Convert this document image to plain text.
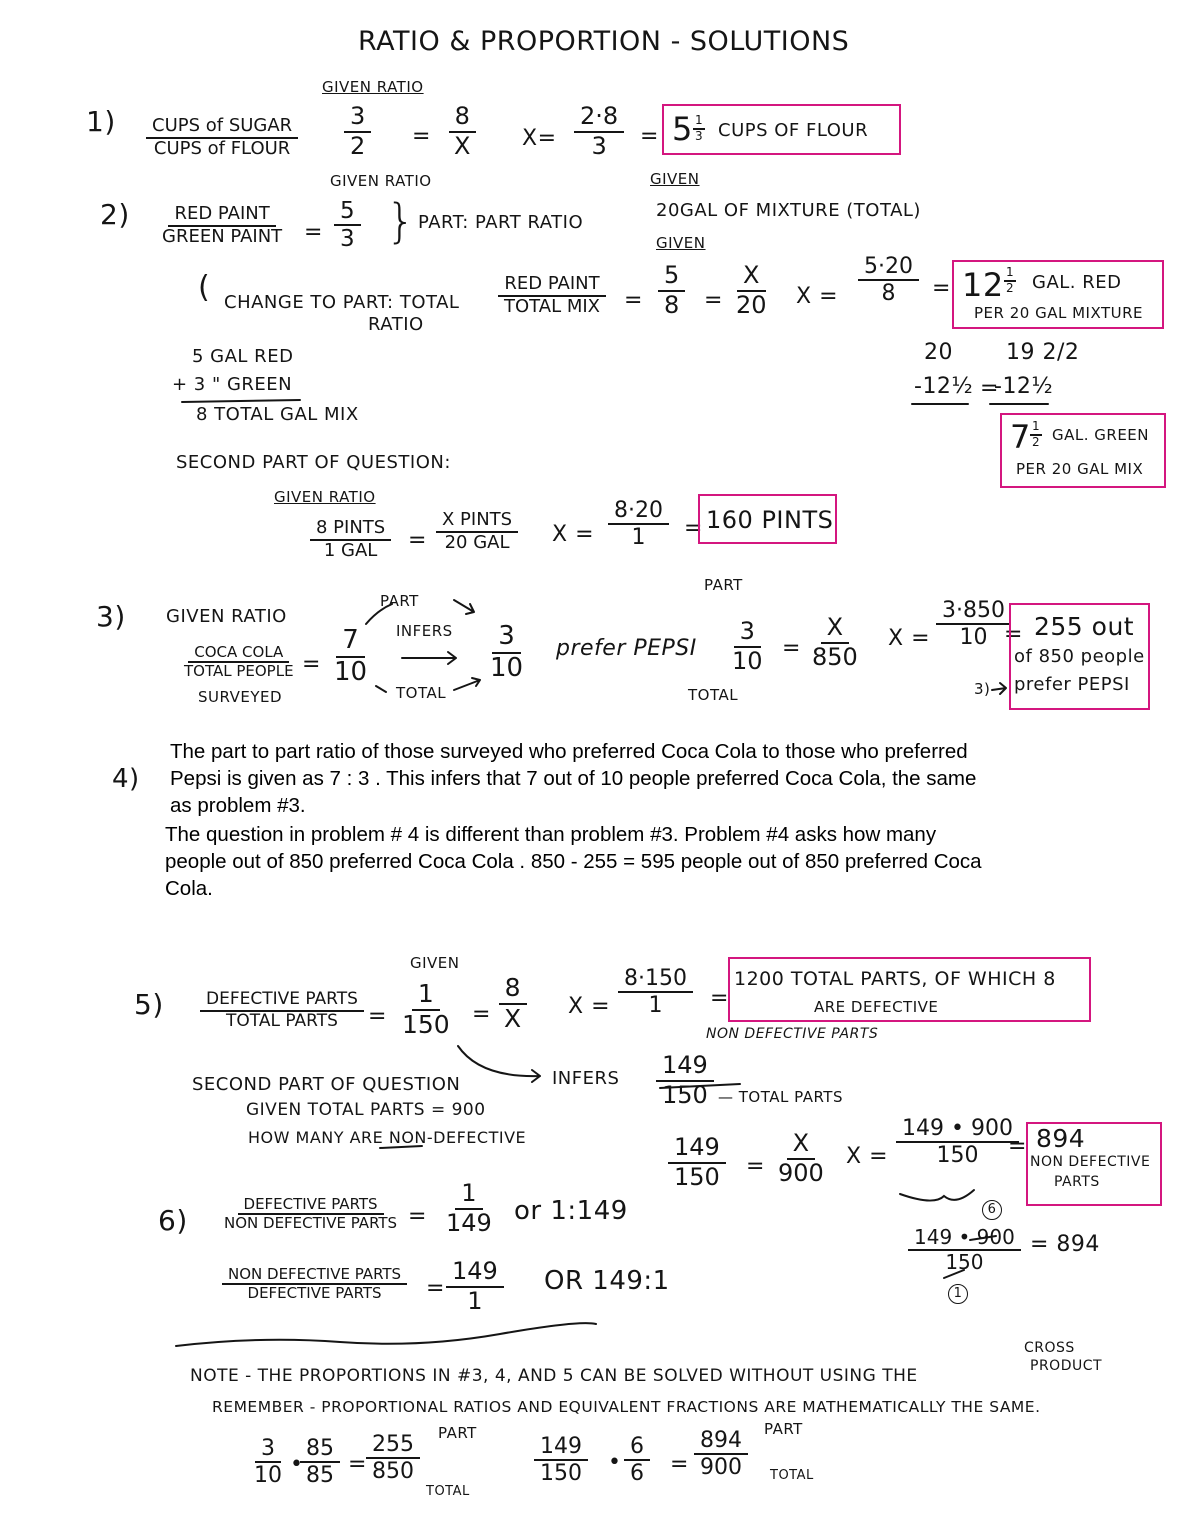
RATIO & PROPORTION - SOLUTIONS
1)	CUPS of SUGAR
CUPS of FLOUR
GIVEN RATIO
$\frac{3}{2} = \frac{8}{X} X= \frac{2\cdot 8}{3} = 5 \frac{1}{3}$ CUPS OF FLOUR
2)	RED PAINT
GREEN PAINT =
GIVEN RATIO
$\frac{5}{3}$ } PART: PART RATIO
GIVEN
20GAL OF MIXTURE (TOTAL)
GIVEN
( CHANGE TO PART: TOTAL
RATIO
RED PAINT
TOTAL MIX = $\frac{5}{8} = \frac{X}{20}$ $X = \frac{5\cdot 20}{8} = 12 \frac{1}{2}$ GAL. RED
PER 20 GAL MIXTURE
5 GAL RED
+ 3 " GREEN
8 TOTAL GAL MIX
20
-12½ =
19 2/2
-12½
$7 \frac{1}{2}$ GAL. GREEN
PER 20 GAL MIX
SECOND PART OF QUESTION:
GIVEN RATIO
8 PINTS
1 GAL =
X PINTS
20 GAL $X = \frac{8\cdot 20}{1} = 160$ PINTS
3) GIVEN RATIO
COCA COLA
TOTAL PEOPLE
SURVEYED
=
PART
$\frac{7}{10}$ INFERS
TOTAL
$\frac{3}{10}$ prefer PEPSI
PART
$\frac{3}{10}$
TOTAL
= $\frac{X}{850}$ $X = \frac{3\cdot 850}{10}$
= 255 out
of 850 people
prefer PEPSI
3)
4)
The part to part ratio of those surveyed who preferred Coca Cola to those who preferred
Pepsi is given as 7 : 3 . This infers that 7 out of 10 people preferred Coca Cola, the same
as problem #3.
The question in problem # 4 is different than problem #3. Problem #4 asks how many
people out of 850 preferred Coca Cola . 850 - 255 = 595 people out of 850 preferred Coca
Cola.
5)	DEFECTIVE PARTS
TOTAL PARTS =
GIVEN
$\frac{1}{150} = \frac{8}{X}$ $X = \frac{8\cdot 150}{1}$ =
1200 TOTAL PARTS, OF WHICH 8
ARE DEFECTIVE
NON DEFECTIVE PARTS
INFERS $\frac{149}{150}$ — TOTAL PARTS
SECOND PART OF QUESTION
GIVEN TOTAL PARTS = 900
HOW MANY ARE NON-DEFECTIVE	$\frac{149}{150} = \frac{X}{900}$ $X = \frac{149 • 900}{150}$
= 894
NON DEFECTIVE
PARTS
6
$\frac{149 • 900}{150}$
1
= 894
6)	DEFECTIVE PARTS
NON DEFECTIVE PARTS = $\frac{1}{149}$ or 1:149
NON DEFECTIVE PARTS
DEFECTIVE PARTS = $\frac{149}{1}$ OR 149:1
CROSS
NOTE - THE PROPORTIONS IN #3, 4, AND 5 CAN BE SOLVED WITHOUT USING THE	PRODUCT
REMEMBER - PROPORTIONAL RATIOS AND EQUIVALENT FRACTIONS ARE MATHEMATICALLY THE SAME.
$\frac{3}{10}$ •
$\frac{85}{85} = \frac{255}{850}$ PART
TOTAL
$\frac{149}{150}$ • $\frac{6}{6} = \frac{894}{900}$ PART
TOTAL
